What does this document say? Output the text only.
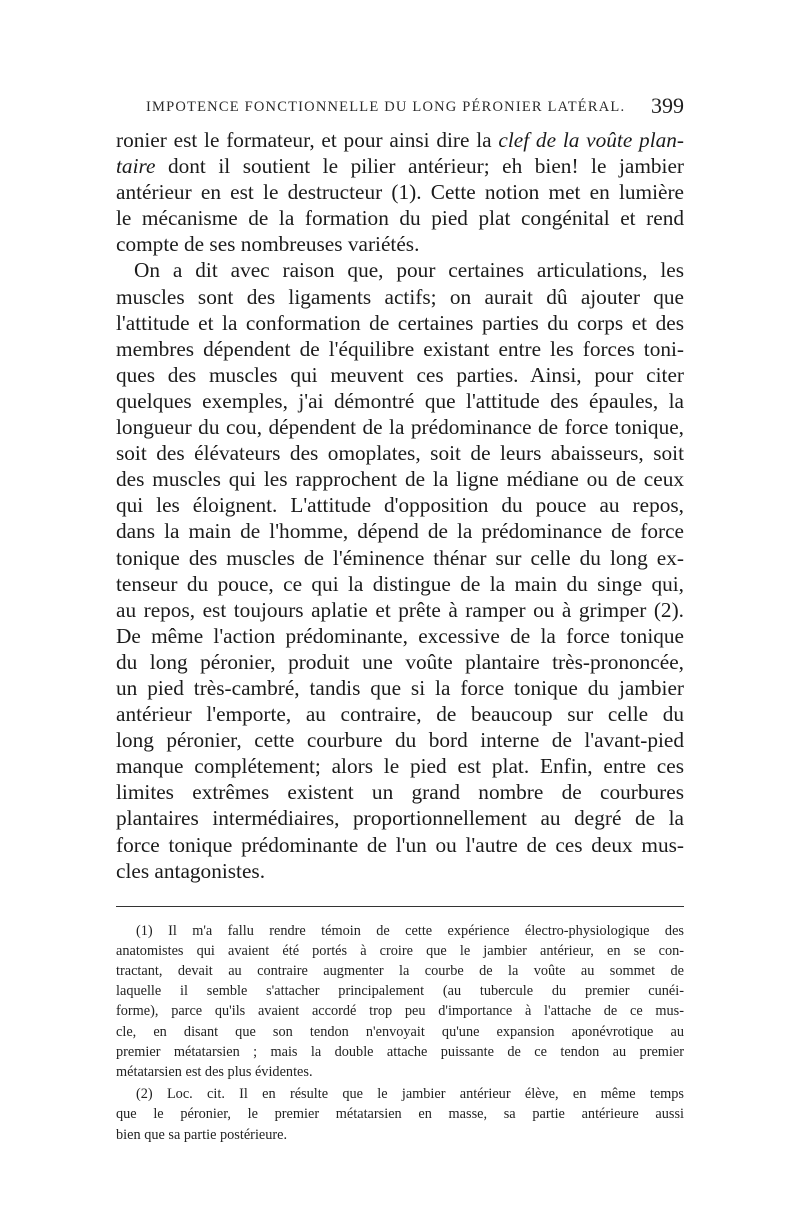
IMPOTENCE FONCTIONNELLE DU LONG PÉRONIER LATÉRAL. 399
ronier est le formateur, et pour ainsi dire la clef de la voûte plan-
taire dont il soutient le pilier antérieur; eh bien! le jambier
antérieur en est le destructeur (1). Cette notion met en lumière
le mécanisme de la formation du pied plat congénital et rend
compte de ses nombreuses variétés.
On a dit avec raison que, pour certaines articulations, les
muscles sont des ligaments actifs; on aurait dû ajouter que
l'attitude et la conformation de certaines parties du corps et des
membres dépendent de l'équilibre existant entre les forces toni-
ques des muscles qui meuvent ces parties. Ainsi, pour citer
quelques exemples, j'ai démontré que l'attitude des épaules, la
longueur du cou, dépendent de la prédominance de force tonique,
soit des élévateurs des omoplates, soit de leurs abaisseurs, soit
des muscles qui les rapprochent de la ligne médiane ou de ceux
qui les éloignent. L'attitude d'opposition du pouce au repos,
dans la main de l'homme, dépend de la prédominance de force
tonique des muscles de l'éminence thénar sur celle du long ex-
tenseur du pouce, ce qui la distingue de la main du singe qui,
au repos, est toujours aplatie et prête à ramper ou à grimper (2).
De même l'action prédominante, excessive de la force tonique
du long péronier, produit une voûte plantaire très-prononcée,
un pied très-cambré, tandis que si la force tonique du jambier
antérieur l'emporte, au contraire, de beaucoup sur celle du
long péronier, cette courbure du bord interne de l'avant-pied
manque complétement; alors le pied est plat. Enfin, entre ces
limites extrêmes existent un grand nombre de courbures
plantaires intermédiaires, proportionnellement au degré de la
force tonique prédominante de l'un ou l'autre de ces deux mus-
cles antagonistes.
(1) Il m'a fallu rendre témoin de cette expérience électro-physiologique des
anatomistes qui avaient été portés à croire que le jambier antérieur, en se con-
tractant, devait au contraire augmenter la courbe de la voûte au sommet de
laquelle il semble s'attacher principalement (au tubercule du premier cunéi-
forme), parce qu'ils avaient accordé trop peu d'importance à l'attache de ce mus-
cle, en disant que son tendon n'envoyait qu'une expansion aponévrotique au
premier métatarsien ; mais la double attache puissante de ce tendon au premier
métatarsien est des plus évidentes.
(2) Loc. cit. Il en résulte que le jambier antérieur élève, en même temps
que le péronier, le premier métatarsien en masse, sa partie antérieure aussi
bien que sa partie postérieure.
